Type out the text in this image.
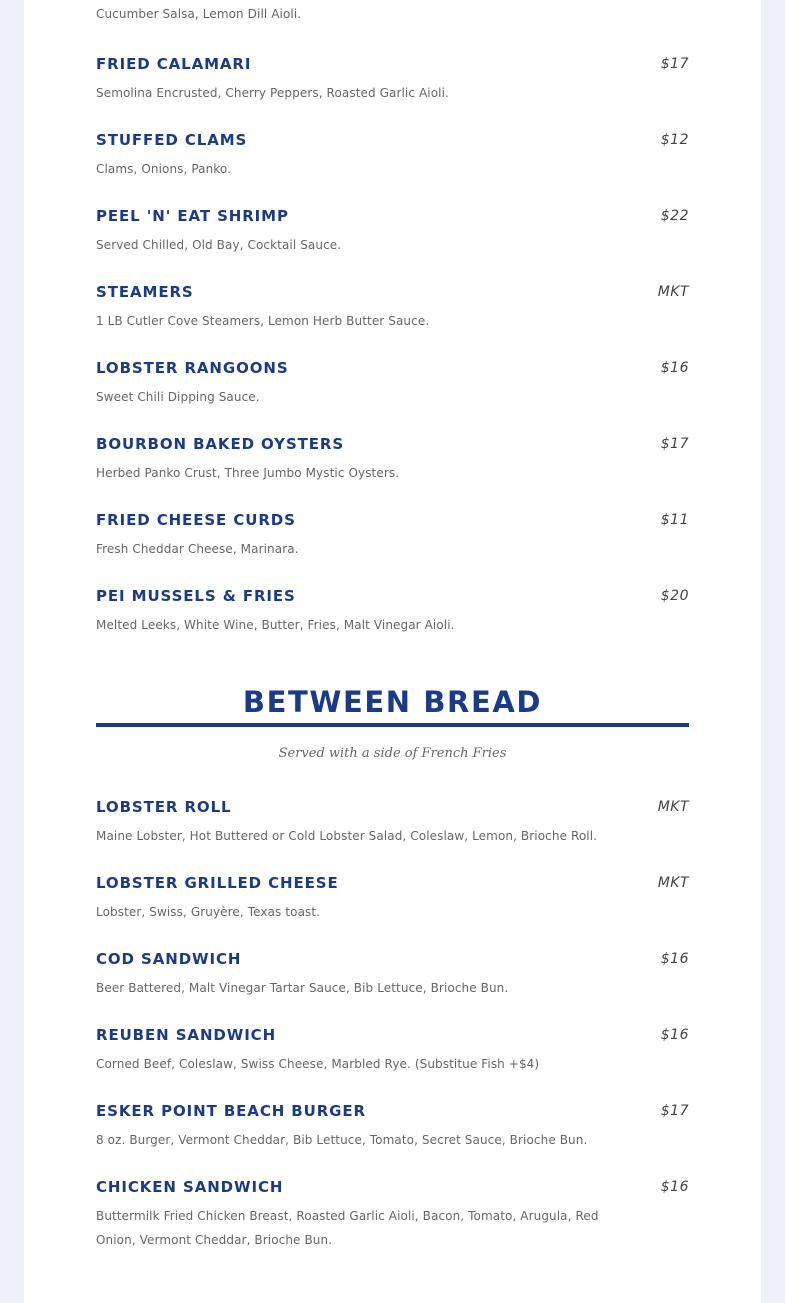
Cucumber Salsa, Lemon Dill Aioli.
FRIED CALAMARI	$17
Semolina Encrusted, Cherry Peppers, Roasted Garlic Aioli.
STUFFED CLAMS	$12
Clams, Onions, Panko.
PEEL 'N' EAT SHRIMP	$22
Served Chilled, Old Bay, Cocktail Sauce.
STEAMERS	MKT
1 LB Cutler Cove Steamers, Lemon Herb Butter Sauce.
LOBSTER RANGOONS	$16
Sweet Chili Dipping Sauce.
BOURBON BAKED OYSTERS	$17
Herbed Panko Crust, Three Jumbo Mystic Oysters.
FRIED CHEESE CURDS	$11
Fresh Cheddar Cheese, Marinara.
PEI MUSSELS & FRIES	$20
Melted Leeks, White Wine, Butter, Fries, Malt Vinegar Aioli.
BETWEEN BREAD
Served with a side of French Fries
LOBSTER ROLL	MKT
Maine Lobster, Hot Buttered or Cold Lobster Salad, Coleslaw, Lemon, Brioche Roll.
LOBSTER GRILLED CHEESE	MKT
Lobster, Swiss, Gruyère, Texas toast.
COD SANDWICH	$16
Beer Battered, Malt Vinegar Tartar Sauce, Bib Lettuce, Brioche Bun.
REUBEN SANDWICH	$16
Corned Beef, Coleslaw, Swiss Cheese, Marbled Rye. (Substitue Fish +$4)
ESKER POINT BEACH BURGER	$17
8 oz. Burger, Vermont Cheddar, Bib Lettuce, Tomato, Secret Sauce, Brioche Bun.
CHICKEN SANDWICH	$16
Buttermilk Fried Chicken Breast, Roasted Garlic Aioli, Bacon, Tomato, Arugula, Red Onion, Vermont Cheddar, Brioche Bun.
